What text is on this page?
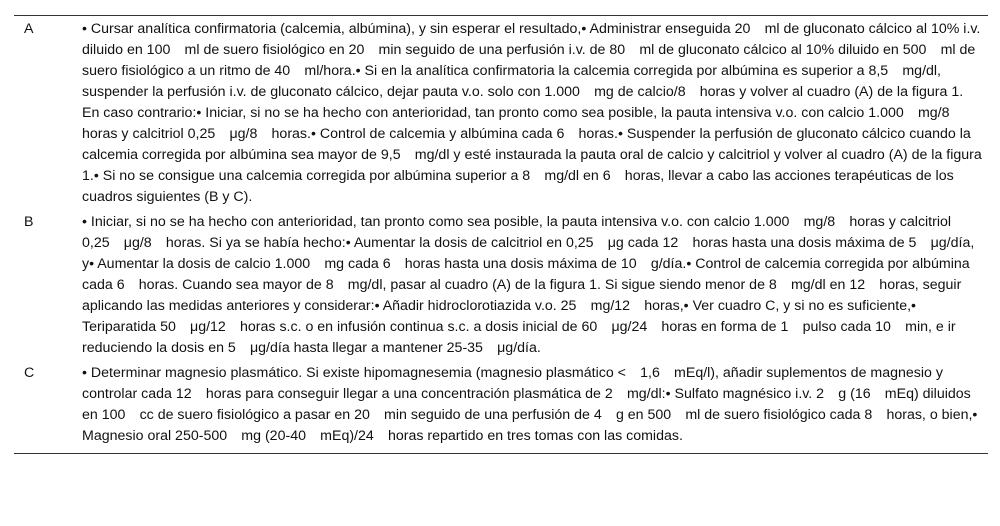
A	• Cursar analítica confirmatoria (calcemia, albúmina), y sin esperar el resultado,• Administrar enseguida 20 ml de gluconato cálcico al 10% i.v. diluido en 100 ml de suero fisiológico en 20 min seguido de una perfusión i.v. de 80 ml de gluconato cálcico al 10% diluido en 500 ml de suero fisiológico a un ritmo de 40 ml/hora.• Si en la analítica confirmatoria la calcemia corregida por albúmina es superior a 8,5 mg/dl, suspender la perfusión i.v. de gluconato cálcico, dejar pauta v.o. solo con 1.000 mg de calcio/8 horas y volver al cuadro (A) de la figura 1. En caso contrario:• Iniciar, si no se ha hecho con anterioridad, tan pronto como sea posible, la pauta intensiva v.o. con calcio 1.000 mg/8 horas y calcitriol 0,25 μg/8 horas.• Control de calcemia y albúmina cada 6 horas.• Suspender la perfusión de gluconato cálcico cuando la calcemia corregida por albúmina sea mayor de 9,5 mg/dl y esté instaurada la pauta oral de calcio y calcitriol y volver al cuadro (A) de la figura 1.• Si no se consigue una calcemia corregida por albúmina superior a 8 mg/dl en 6 horas, llevar a cabo las acciones terapéuticas de los cuadros siguientes (B y C).
B	• Iniciar, si no se ha hecho con anterioridad, tan pronto como sea posible, la pauta intensiva v.o. con calcio 1.000 mg/8 horas y calcitriol 0,25 μg/8 horas. Si ya se había hecho:• Aumentar la dosis de calcitriol en 0,25 μg cada 12 horas hasta una dosis máxima de 5 μg/día, y• Aumentar la dosis de calcio 1.000 mg cada 6 horas hasta una dosis máxima de 10 g/día.• Control de calcemia corregida por albúmina cada 6 horas. Cuando sea mayor de 8 mg/dl, pasar al cuadro (A) de la figura 1. Si sigue siendo menor de 8 mg/dl en 12 horas, seguir aplicando las medidas anteriores y considerar:• Añadir hidroclorotiazida v.o. 25 mg/12 horas,• Ver cuadro C, y si no es suficiente,• Teriparatida 50 μg/12 horas s.c. o en infusión continua s.c. a dosis inicial de 60 μg/24 horas en forma de 1 pulso cada 10 min, e ir reduciendo la dosis en 5 μg/día hasta llegar a mantener 25-35 μg/día.
C	• Determinar magnesio plasmático. Si existe hipomagnesemia (magnesio plasmático < 1,6 mEq/l), añadir suplementos de magnesio y controlar cada 12 horas para conseguir llegar a una concentración plasmática de 2 mg/dl:• Sulfato magnésico i.v. 2 g (16 mEq) diluidos en 100 cc de suero fisiológico a pasar en 20 min seguido de una perfusión de 4 g en 500 ml de suero fisiológico cada 8 horas, o bien,• Magnesio oral 250-500 mg (20-40 mEq)/24 horas repartido en tres tomas con las comidas.
